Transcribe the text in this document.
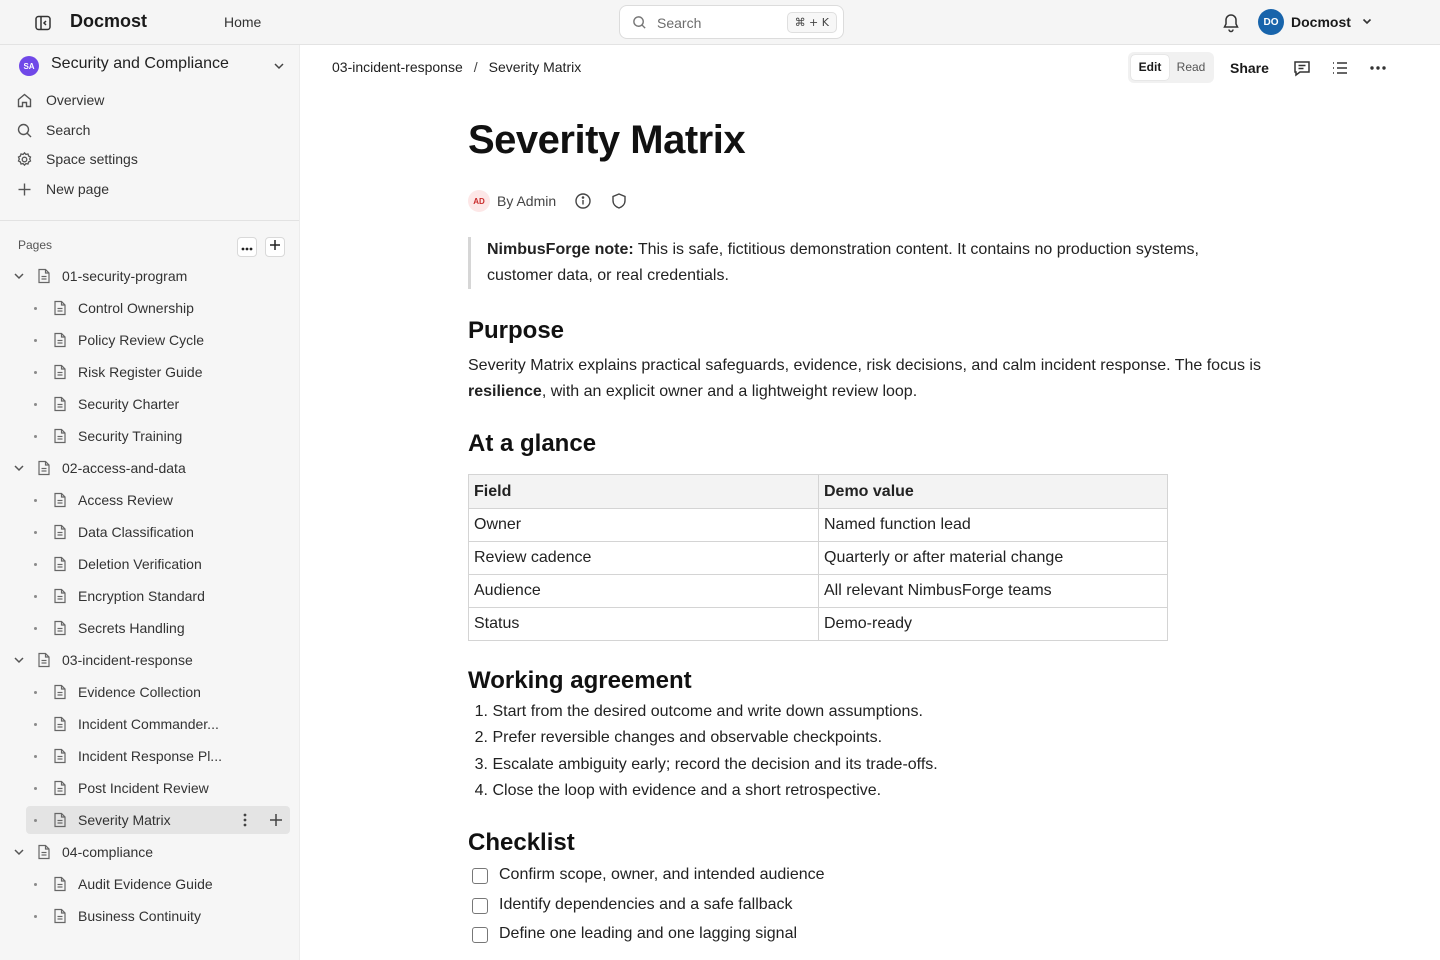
Docmost	Home	Search	⌘ + K	DO Docmost
SA Security and Compliance
Overview
Search
Space settings
New page
Pages
01-security-program
Control Ownership
Policy Review Cycle
Risk Register Guide
Security Charter
Security Training
02-access-and-data
Access Review
Data Classification
Deletion Verification
Encryption Standard
Secrets Handling
03-incident-response
Evidence Collection
Incident Commander...
Incident Response Pl...
Post Incident Review
Severity Matrix
04-compliance
Audit Evidence Guide
Business Continuity
03-incident-response / Severity Matrix	Edit	Read	Share
Severity Matrix
AD By Admin
NimbusForge note: This is safe, fictitious demonstration content. It contains no production systems, customer data, or real credentials.
Purpose
Severity Matrix explains practical safeguards, evidence, risk decisions, and calm incident response. The focus is resilience, with an explicit owner and a lightweight review loop.
At a glance
Field	Demo value
Owner	Named function lead
Review cadence	Quarterly or after material change
Audience	All relevant NimbusForge teams
Status	Demo-ready
Working agreement
1. Start from the desired outcome and write down assumptions.
2. Prefer reversible changes and observable checkpoints.
3. Escalate ambiguity early; record the decision and its trade-offs.
4. Close the loop with evidence and a short retrospective.
Checklist
Confirm scope, owner, and intended audience
Identify dependencies and a safe fallback
Define one leading and one lagging signal
